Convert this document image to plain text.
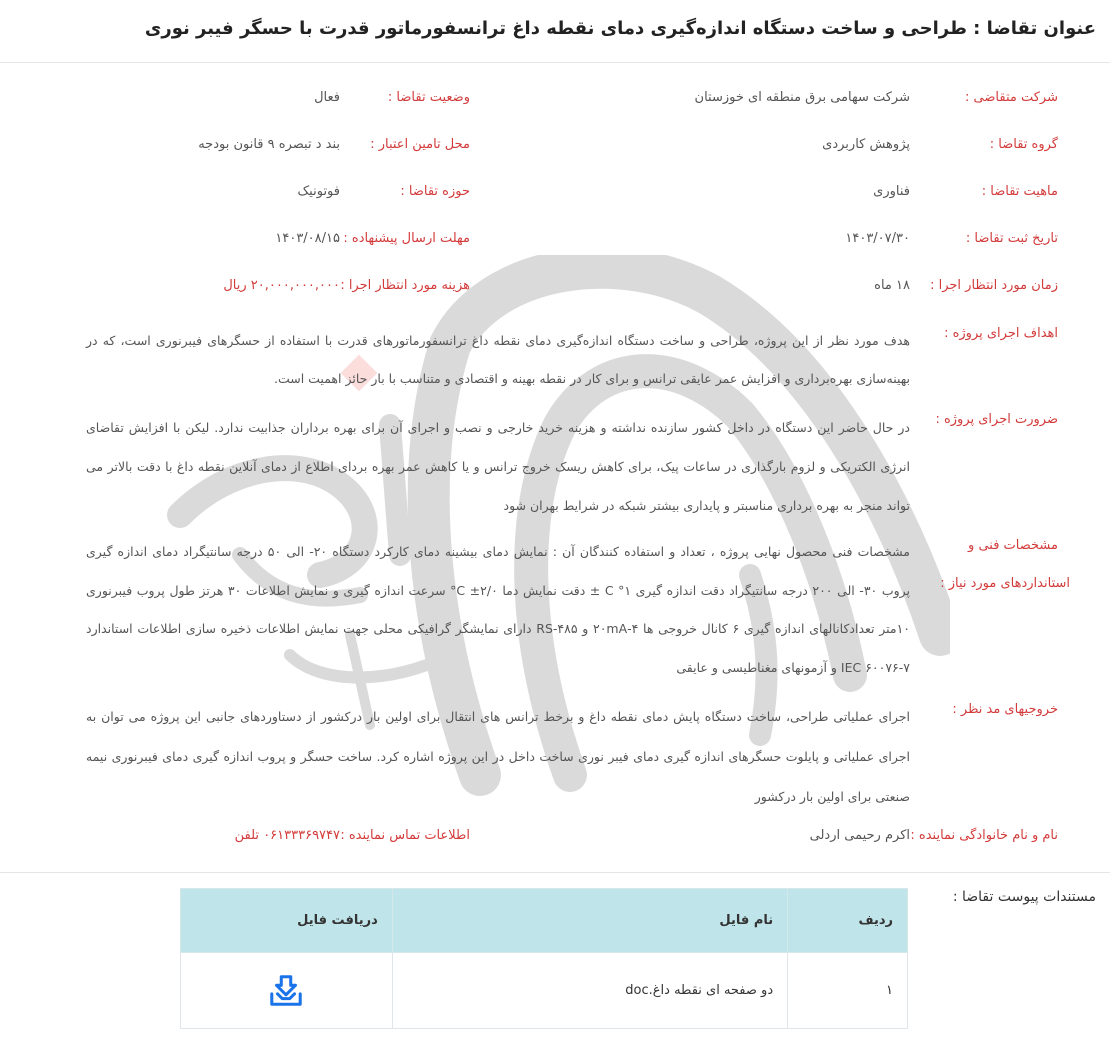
عنوان تقاضا : طراحی و ساخت دستگاه اندازه‌گیری دمای نقطه داغ ترانسفورماتور قدرت با حسگر فیبر نوری
شرکت متقاضی :
شرکت سهامی برق منطقه ای خوزستان
وضعیت تقاضا :
فعال
گروه تقاضا :
پژوهش کاربردی
محل تامین اعتبار :
بند د تبصره ۹ قانون بودجه
ماهیت تقاضا :
فناوری
حوزه تقاضا :
فوتونیک
تاریخ ثبت تقاضا :
۱۴۰۳/۰۷/۳۰
مهلت ارسال پیشنهاده :
۱۴۰۳/۰۸/۱۵
زمان مورد انتظار اجرا :
۱۸ ماه
هزینه مورد انتظار اجرا :
۲۰,۰۰۰,۰۰۰,۰۰۰ ریال
اهداف اجرای پروژه :
هدف مورد نظر از این پروژه، طراحی و ساخت دستگاه اندازه‌گیری دمای نقطه داغ ترانسفورماتورهای قدرت با استفاده از حسگرهای فیبرنوری است، که در بهینه‌سازی بهره‌برداری و افزایش عمر عایقی ترانس و برای کار در نقطه بهینه و اقتصادی و متناسب با بار حائز اهمیت است.
ضرورت اجرای پروژه :
در حال حاضر این دستگاه در داخل کشور سازنده نداشته و هزینه خرید خارجی و نصب و اجرای آن برای بهره برداران جذابیت ندارد. لیکن با افزایش تقاضای انرژی الکتریکی و لزوم بارگذاری در ساعات پیک، برای کاهش ریسک خروج ترانس و یا کاهش عمر بهره بردای اطلاع از دمای آنلاین نقطه داغ با دقت بالاتر می تواند منجر به بهره برداری مناسبتر و پایداری بیشتر شبکه در شرایط بهران شود
مشخصات فنی و
استانداردهای مورد نیاز :
مشخصات فنی محصول نهایی پروژه ، تعداد و استفاده کنندگان آن : نمایش دمای بیشینه دمای کارکرد دستگاه ۲۰- الی ۵۰ درجه سانتیگراد دمای اندازه گیری پروب ۳۰- الی ۲۰۰ درجه سانتیگراد دقت اندازه گیری ۱° C ± دقت نمایش دما ۲/۰± C° سرعت اندازه گیری و نمایش اطلاعات ۳۰ هرتز طول پروب فیبرنوری ۱۰متر تعدادکانالهای اندازه گیری ۶ کانال خروجی ها ۴-۲۰mA و RS-۴۸۵ دارای نمایشگر گرافیکی محلی جهت نمایش اطلاعات ذخیره سازی اطلاعات استاندارد IEC ۶۰۰۷۶-۷ و آزمونهای مغناطیسی و عایقی
خروجیهای مد نظر :
اجرای عملیاتی طراحی، ساخت دستگاه پایش دمای نقطه داغ و برخط ترانس های انتقال برای اولین بار درکشور از دستاوردهای جانبی این پروژه می توان به اجرای عملیاتی و پایلوت حسگرهای اندازه گیری دمای فیبر نوری ساخت داخل در این پروژه اشاره کرد. ساخت حسگر و پروب اندازه گیری دمای فیبرنوری نیمه صنعتی برای اولین بار درکشور
نام و نام خانوادگی نماینده :
اکرم رحیمی اردلی
اطلاعات تماس نماینده :
۰۶۱۳۳۳۶۹۷۴۷ تلفن
مستندات پیوست تقاضا :
ردیف	نام فایل	دریافت فایل
۱	دو صفحه ای نقطه داغ.doc	
